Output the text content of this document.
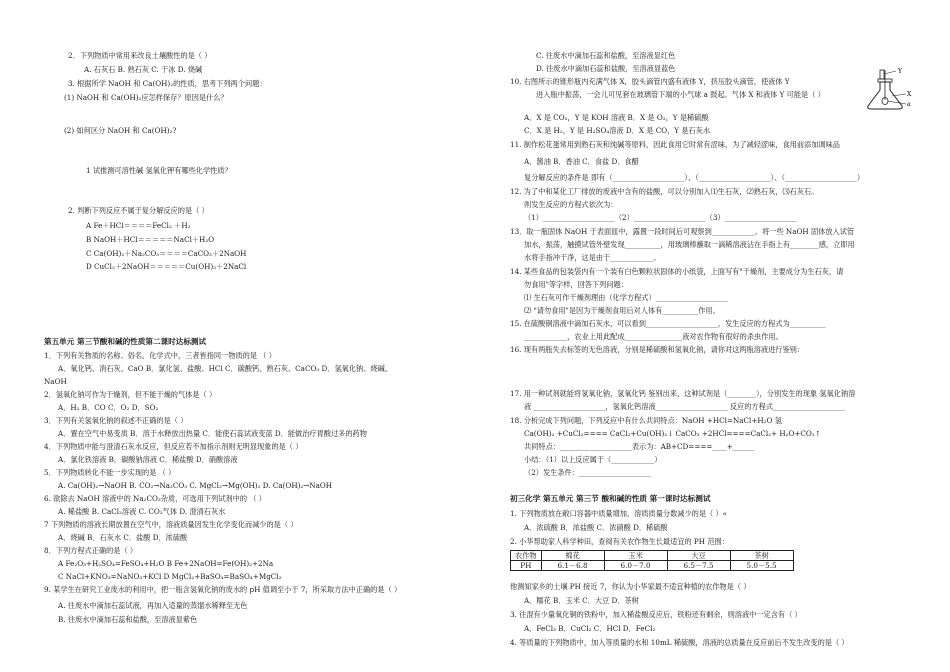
2．下列物质中常用来改良土壤酸性的是（ ）
A. 石灰石 B. 熟石灰 C. 干冰 D. 烧碱
3. 根据所学 NaOH 和 Ca(OH)₂的性质，思考下列两个问题：
(1) NaOH 和 Ca(OH)₂应怎样保存？原因是什么？
(2) 如何区分 NaOH 和 Ca(OH)₂?
1 试推测可溶性碱 氢氧化钾有哪些化学性质？
2. 判断下列反应不属于复分解反应的是（ ）
A Fe＋HCl＝＝＝＝FeCl₂ ＋H₂
B NaOH＋HCl＝＝＝＝＝NaCl＋H₂O
C Ca(OH)₂＋Na₂CO₃＝＝＝＝CaCO₃＋2NaOH
D CuCl₂＋2NaOH＝＝＝＝＝Cu(OH)₂＋2NaCl
第五单元 第三节酸和碱的性质第二课时达标测试
1．下列有关物质的名称、俗名、化学式中，三者皆指同一物质的是 （ ）
A．氧化钙、消石灰、CaO B．氯化氢、盐酸、HCl C．碳酸钙、熟石灰、CaCO₃ D．氢氧化钠、烧碱、
NaOH
2．氢氧化钠可作为干燥剂，但不能干燥的气体是（ ）
A．H₂ B．CO C．O₂ D．SO₂
3．下列有关氢氧化钠的叙述不正确的是（ ）
A．置在空气中易变质 B．溶于水释放出热量 C．能使石蕊试液变蓝 D．能做治疗胃酸过多的药物
4．下列物质中能与澄清石灰水反应，但反应若不加指示剂则无明显现象的是（ ）
A．氯化铁溶液 B．碳酸钠溶液 C．稀盐酸 D．硝酸溶液
5．下列物质转化不能一步实现的是 （ ）
A. Ca(OH)₂→NaOH B. CO₂→Na₂CO₃ C. MgCl₂→Mg(OH)₂ D. Ca(OH)₂→NaOH
6. 欲除去 NaOH 溶液中的 Na₂CO₃杂质，可选用下列试剂中的 （ ）
A. 稀盐酸 B. CaCl₂溶液 C. CO₂气体 D. 澄清石灰水
7 下列物质的溶液长期放置在空气中，溶液质量因发生化学变化而减少的是（ ）
A．烧碱 B．石灰水 C．盐酸 D．浓硫酸
8．下列方程式正确的是（ ）
A Fe₂O₃+H₂SO₄=FeSO₄+H₂O B Fe+2NaOH=Fe(OH)₂+2Na
C NaCl+KNO₃=NaNO₃+KCl D MgCl₂+BaSO₄=BaSO₄+MgCl₂
9. 某学生在研究工业废水的利用中，把一瓶含氢氧化钠的废水的 pH 值调至小于 7，所采取方法中正确的是（ ）
A. 往废水中滴加石蕊试液，再加入适量的蒸馏水稀释至无色
B. 往废水中滴加石蕊和盐酸，至溶液显紫色
C. 往废水中滴加石蕊和盐酸，至溶液显红色
D. 往废水中滴加石蕊和盐酸，至溶液显蓝色
10. 右图所示的锥形瓶内充满气体 X，胶头滴管内盛有液体 Y，挤压胶头滴管，使液体 Y
进入瓶中振荡，一会儿可见套在玻璃管下端的小气球 a 鼓起。气体 X 和液体 Y 可能是（ ）
A．X 是 CO₂，Y 是 KOH 溶液 B．X 是 O₂，Y 是稀硫酸
C．X 是 H₂，Y 是 H₂SO₄溶液 D．X 是 CO，Y 是石灰水
11. 制作松花蛋常用到熟石灰和纯碱等原料，因此食用它时常有涩味，为了减轻涩味，食用前添加调味品
A．酱油 B．香油 C．食盐 D．食醋
复分解反应的条件是 即有（____________________）、（____________________）、（____________________）
12. 为了中和某化工厂排放的废液中含有的盐酸，可以分别加入⑴生石灰，⑵熟石灰，⑶石灰石。
则发生反应的方程式依次为：
（1）____________________（2）____________________（3）____________________
13．取一瓶固体 NaOH 于表面皿中，露置一段时间后可观察到____________。将一些 NaOH 固体放入试管
加水，振荡，触摸试管外壁发现__________，用玻璃棒蘸取一滴稀溶液沾在手指上有________感，立即用
水将手指冲干净，这是由于____________。
14. 某些食品的包装袋内有一个装有白色颗粒状固体的小纸袋，上面写有"干燥剂，主要成分为生石灰，请
勿食用"等字样，回答下列问题：
⑴ 生石灰可作干燥剂理由（化学方程式）____________________
⑵ "请勿食用"是因为干燥剂食用后对人体有__________作用。
15. 在硫酸铜溶液中滴加石灰水，可以看到____________________，发生反应的方程式为__________
____________，农业上用此配成________________液对农作物有很好的杀虫作用。
16. 现有两瓶失去标签的无色溶液，分别是稀硫酸和氢氧化钠，请你对这两瓶溶液进行鉴别：
17. 用一种试剂就能将氢氧化钠，氢氧化钙 鉴别出来，这种试剂是（________），分别发生的现象 氢氧化钠溶
液 ____________________，氢氧化钙溶液____________________ 反应的方程式____________________
18. 分析完成下列问题，下列反应中有什么共同特点：NaOH +HCl=NaCl+H₂O 氢
Ca(OH)₂ +CuCl₂==== CaCl₂+Cu(OH)₂↓ CaCO₃ +2HCl====CaCl₂+ H₂O+CO₂↑
共同特点：____________________表示为：AB+CD====____+______
小结：（1）以上反应属于（____________）
（2）发生条件：____________________
初三化学 第五单元 第三节 酸和碱的性质 第一课时达标测试
1. 下列物质放在敞口容器中质量增加，溶质质量分数减少的是（ ）«
A．浓硫酸 B．浓盐酸 C．浓硝酸 D．稀硫酸
2. 小华帮助家人科学种田，查阅有关农作物生长最适宜的 PH 范围：
农作物	棉花	玉米	大豆	茶树
PH	6.1－6.8	6.0－7.0	6.5－7.5	5.0－5.5
他测知家乡的土壤 PH 接近 7，你认为小华家最不适宜种植的农作物是（ ）
A．糯花 B．玉米 C．大豆 D．茶树
3. 往混有少量氧化铜的铁粉中，加入稀盐酸反应后，铁粉还有剩余，则溶液中一定含有（ ）
A．FeCl₃ B．CuCl₂ C．HCl D．FeCl₂
4. 等质量的下列物质中，加入等质量的水和 10mL 稀硫酸，溶液的总质量在反应前后不发生改变的是（ ）
Y
X
a
